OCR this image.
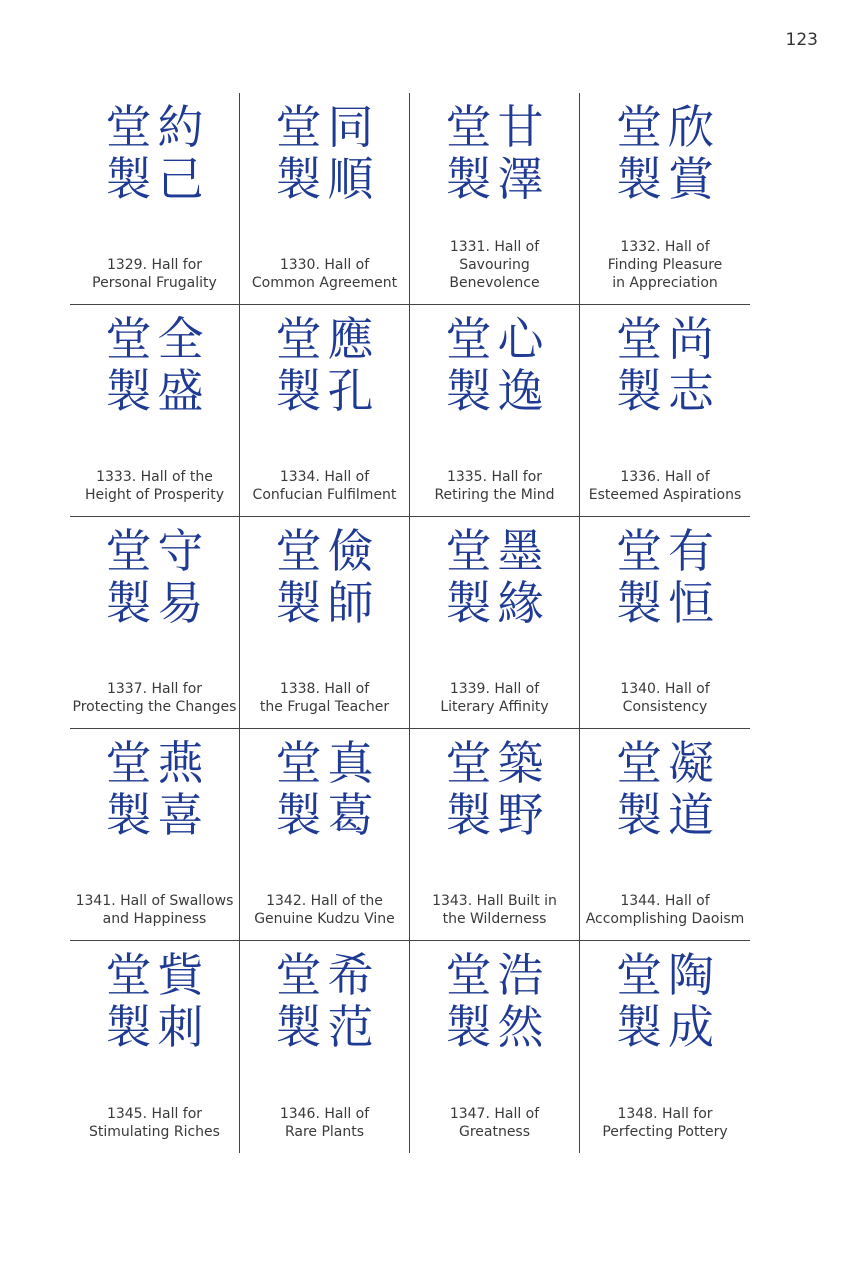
123
堂
製
約
己
1329. Hall for
Personal Frugality
堂
製
同
順
1330. Hall of
Common Agreement
堂
製
甘
澤
1331. Hall of
Savouring
Benevolence
堂
製
欣
賞
1332. Hall of
Finding Pleasure
in Appreciation
堂
製
全
盛
1333. Hall of the
Height of Prosperity
堂
製
應
孔
1334. Hall of
Confucian Fulfilment
堂
製
心
逸
1335. Hall for
Retiring the Mind
堂
製
尚
志
1336. Hall of
Esteemed Aspirations
堂
製
守
易
1337. Hall for
Protecting the Changes
堂
製
儉
師
1338. Hall of
the Frugal Teacher
堂
製
墨
緣
1339. Hall of
Literary Affinity
堂
製
有
恒
1340. Hall of
Consistency
堂
製
燕
喜
1341. Hall of Swallows
and Happiness
堂
製
真
葛
1342. Hall of the
Genuine Kudzu Vine
堂
製
築
野
1343. Hall Built in
the Wilderness
堂
製
凝
道
1344. Hall of
Accomplishing Daoism
堂
製
貲
刺
1345. Hall for
Stimulating Riches
堂
製
希
范
1346. Hall of
Rare Plants
堂
製
浩
然
1347. Hall of
Greatness
堂
製
陶
成
1348. Hall for
Perfecting Pottery
